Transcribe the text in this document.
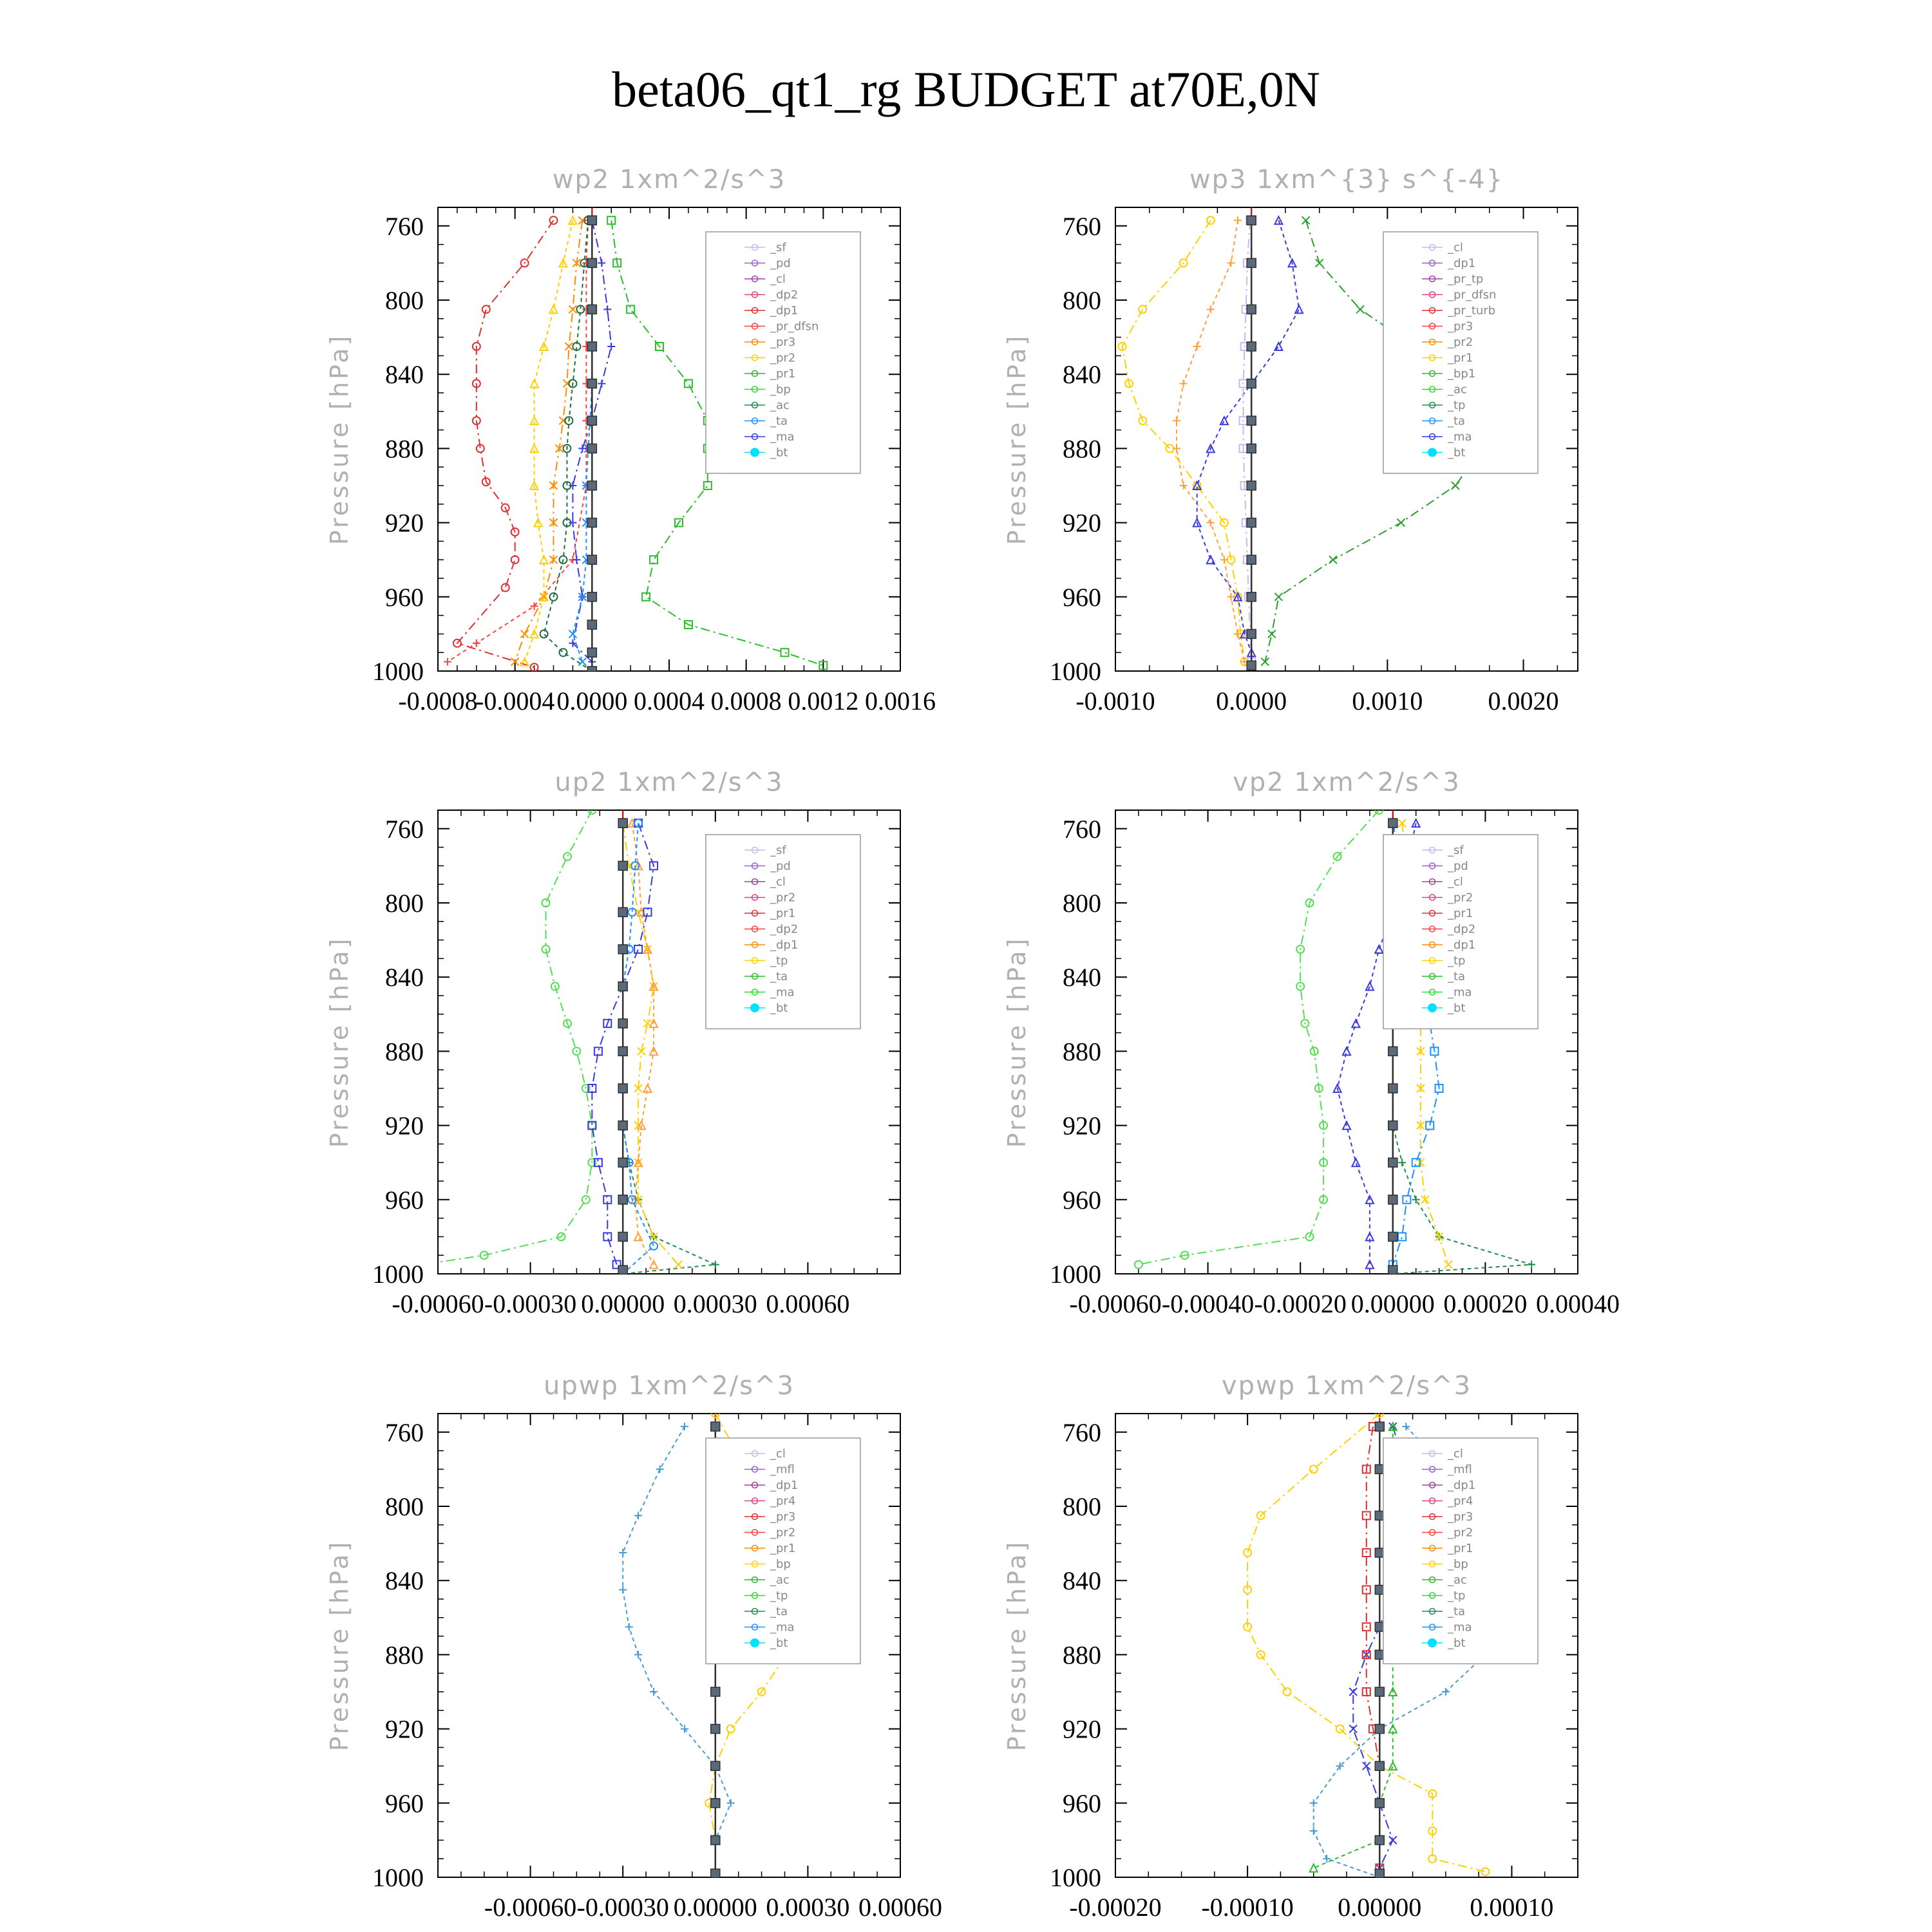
beta06_qt1_rg BUDGET at70E,0N
wp2 1xm^2/s^3
Pressure [hPa]
760
800
840
880
920
960
1000
-0.0008
-0.0004 0.0000 0.0004 0.0008 0.0012 0.0016
_sf
_pd
_cl
_dp2
_dp1
_pr_dfsn
_pr3
_pr2
_pr1
_bp
_ac
_ta
_ma
_bt
wp3 1xm^{3} s^{-4}
Pressure [hPa]
760
800
840
880
920
960
1000
-0.0010 0.0000	0.0010	0.0020
_cl
_dp1
_pr_tp
_pr_dfsn
_pr_turb
_pr3
_pr2
_pr1
_bp1
_ac
_tp
_ta
_ma
_bt
up2 1xm^2/s^3
Pressure [hPa]
760
800
840
880
920
960
1000
-0.00060 -0.00030 0.00000 0.00030 0.00060
_sf
_pd
_cl
_pr2
_pr1
_dp2
_dp1
_tp
_ta
_ma
_bt
vp2 1xm^2/s^3
Pressure [hPa]
760
800
840
880
920
960
1000
-0.00060 -0.00040 -0.00020 0.00000 0.00020 0.00040
_sf
_pd
_cl
_pr2
_pr1
_dp2
_dp1
_tp
_ta
_ma
_bt
upwp 1xm^2/s^3
Pressure [hPa]
760
800
840
880
920
960
1000
-0.00060 -0.00030 0.00000 0.00030 0.00060
_cl
_mfl
_dp1
_pr4
_pr3
_pr2
_pr1
_bp
_ac
_tp
_ta
_ma
_bt
vpwp 1xm^2/s^3
Pressure [hPa]
760
800
840
880
920
960
1000
-0.00020 -0.00010 0.00000 0.00010
_cl
_mfl
_dp1
_pr4
_pr3
_pr2
_pr1
_bp
_ac
_tp
_ta
_ma
_bt
